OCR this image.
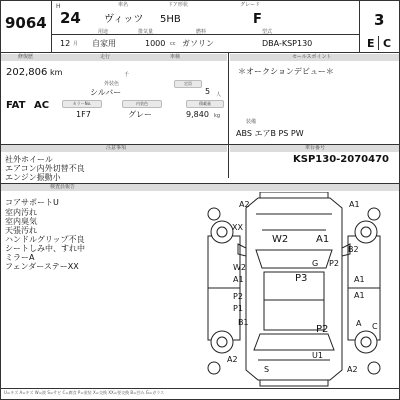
9064
H
24
12 月
車名
ヴィッツ
ドア形状
5HB
グレード
F	3
用途
自家用
排気量
1000 cc
燃料
ガソリン
型式
DBA-KSP130	E C
修復歴	走行	車検	セールスポイント
202,806 km	千
定員
外装色
シルバー	5 人
FAT AC	カラーNo.	内装色	積載量
1F7	グレー	9,840 kg
＊オークションデビュー＊
装備
ABS エアB PS PW
注意事項	車台番号
社外ホイール
エアコン内外切替不良
エンジン振動小
KSP130-2070470
検査員報告
コアサポートU
室内汚れ
室内臭気
天張汚れ
ハンドルグリップ不良
シートしみ中、すれ中
ミラーA
フェンダーステーXX
A2
XX
W2	A1
A1
B2
W2	G P2
A1	P3	A1
A1
P2
P1
B1
P2
A C
A2	U1
A2
S
U=キズ A=キズ W=波 S=サビ C=腐食 P=塗装 X=交換 XX=要交換 B=凹み G=ガラス
